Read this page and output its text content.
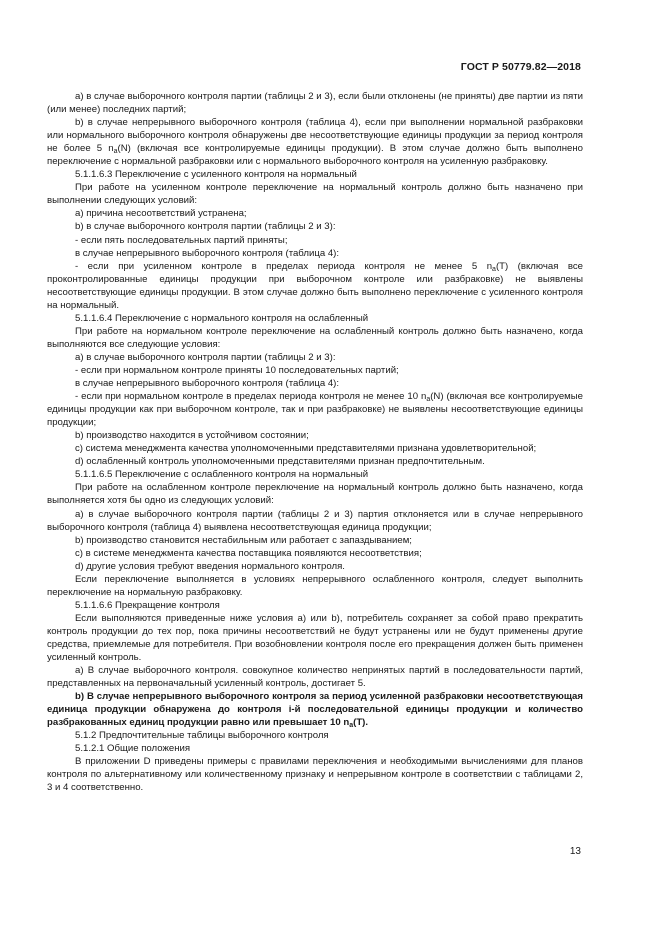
ГОСТ Р 50779.82—2018

а) в случае выборочного контроля партии (таблицы 2 и 3), если были отклонены (не приняты) две партии из пяти (или менее) последних партий;

b) в случае непрерывного выборочного контроля (таблица 4), если при выполнении нормальной разбраковки или нормального выборочного контроля обнаружены две несоответствующие единицы продукции за период контроля не более 5 $n_a(N)$ (включая все контролируемые единицы продукции). В этом случае должно быть выполнено переключение с нормальной разбраковки или с нормального выборочного контроля на усиленную разбраковку.

5.1.1.6.3 Переключение с усиленного контроля на нормальный

При работе на усиленном контроле переключение на нормальный контроль должно быть назначено при выполнении следующих условий:

а) причина несоответствий устранена;

b) в случае выборочного контроля партии (таблицы 2 и 3):

- если пять последовательных партий приняты;

в случае непрерывного выборочного контроля (таблица 4):

- если при усиленном контроле в пределах периода контроля не менее 5 $n_a(T)$ (включая все проконтролированные единицы продукции при выборочном контроле или разбраковке) не выявлены несоответствующие единицы продукции. В этом случае должно быть выполнено переключение с усиленного контроля на нормальный.

5.1.1.6.4 Переключение с нормального контроля на ослабленный

При работе на нормальном контроле переключение на ослабленный контроль должно быть назначено, когда выполняются все следующие условия:

а) в случае выборочного контроля партии (таблицы 2 и 3):

- если при нормальном контроле приняты 10 последовательных партий;

в случае непрерывного выборочного контроля (таблица 4):

- если при нормальном контроле в пределах периода контроля не менее 10 $n_a(N)$ (включая все контролируемые единицы продукции как при выборочном контроле, так и при разбраковке) не выявлены несоответствующие единицы продукции;

b) производство находится в устойчивом состоянии;

c) система менеджмента качества уполномоченными представителями признана удовлетворительной;

d) ослабленный контроль уполномоченными представителями признан предпочтительным.

5.1.1.6.5 Переключение с ослабленного контроля на нормальный

При работе на ослабленном контроле переключение на нормальный контроль должно быть назначено, когда выполняется хотя бы одно из следующих условий:

а) в случае выборочного контроля партии (таблицы 2 и 3) партия отклоняется или в случае непрерывного выборочного контроля (таблица 4) выявлена несоответствующая единица продукции;

b) производство становится нестабильным или работает с запаздыванием;

c) в системе менеджмента качества поставщика появляются несоответствия;

d) другие условия требуют введения нормального контроля.

Если переключение выполняется в условиях непрерывного ослабленного контроля, следует выполнить переключение на нормальную разбраковку.

5.1.1.6.6 Прекращение контроля

Если выполняются приведенные ниже условия а) или b), потребитель сохраняет за собой право прекратить контроль продукции до тех пор, пока причины несоответствий не будут устранены или не будут применены другие средства, приемлемые для потребителя. При возобновлении контроля после его прекращения должен быть применен усиленный контроль.

а) В случае выборочного контроля. совокупное количество непринятых партий в последовательности партий, представленных на первоначальный усиленный контроль, достигает 5.

b) В случае непрерывного выборочного контроля за период усиленной разбраковки несоответствующая единица продукции обнаружена до контроля i-й последовательной единицы продукции и количество разбракованных единиц продукции равно или превышает 10 $n_a(T)$.

5.1.2 Предпочтительные таблицы выборочного контроля

5.1.2.1 Общие положения

В приложении D приведены примеры с правилами переключения и необходимыми вычислениями для планов контроля по альтернативному или количественному признаку и непрерывном контроле в соответствии с таблицами 2, 3 и 4 соответственно.

13
